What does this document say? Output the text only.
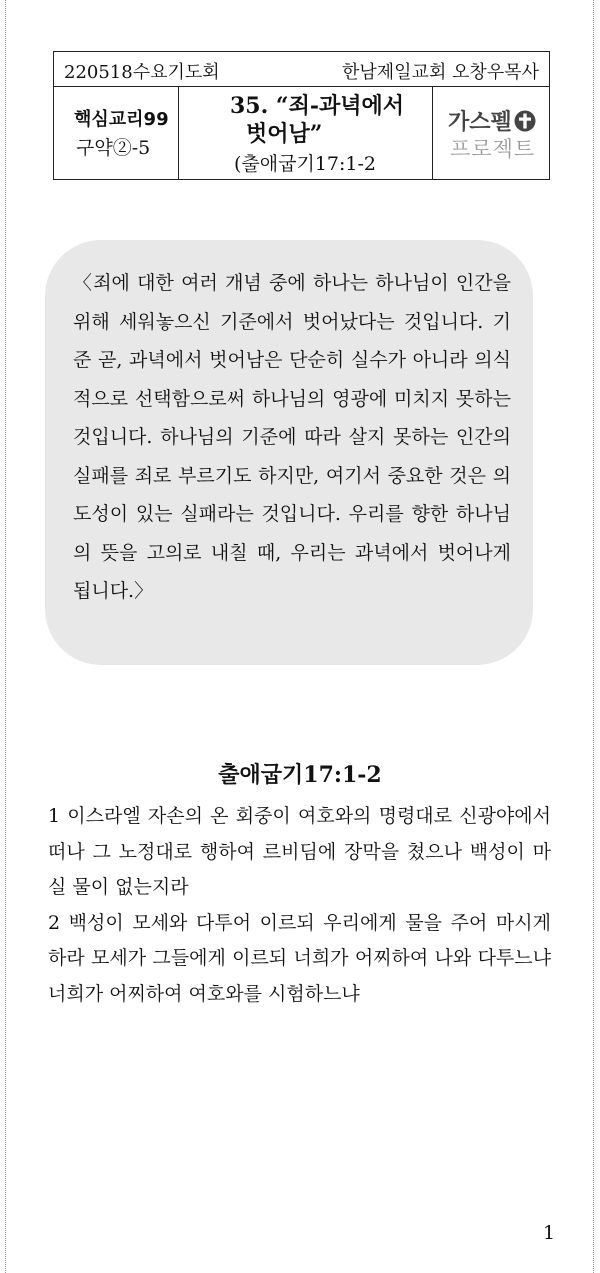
220518수요기도회	한남제일교회 오창우목사
핵심교리99
구약②-5
35. “죄-과녁에서
벗어남”
(출애굽기17:1-2
가스펠
프로젝트

〈죄에 대한 여러 개념 중에 하나는 하나님이 인간을 위해 세워놓으신 기준에서 벗어났다는 것입니다. 기준 곧, 과녁에서 벗어남은 단순히 실수가 아니라 의식적으로 선택함으로써 하나님의 영광에 미치지 못하는 것입니다. 하나님의 기준에 따라 살지 못하는 인간의 실패를 죄로 부르기도 하지만, 여기서 중요한 것은 의도성이 있는 실패라는 것입니다. 우리를 향한 하나님의 뜻을 고의로 내칠 때, 우리는 과녁에서 벗어나게 됩니다.〉

출애굽기17:1-2

1 이스라엘 자손의 온 회중이 여호와의 명령대로 신광야에서 떠나 그 노정대로 행하여 르비딤에 장막을 쳤으나 백성이 마실 물이 없는지라

2 백성이 모세와 다투어 이르되 우리에게 물을 주어 마시게 하라 모세가 그들에게 이르되 너희가 어찌하여 나와 다투느냐 너희가 어찌하여 여호와를 시험하느냐

1
